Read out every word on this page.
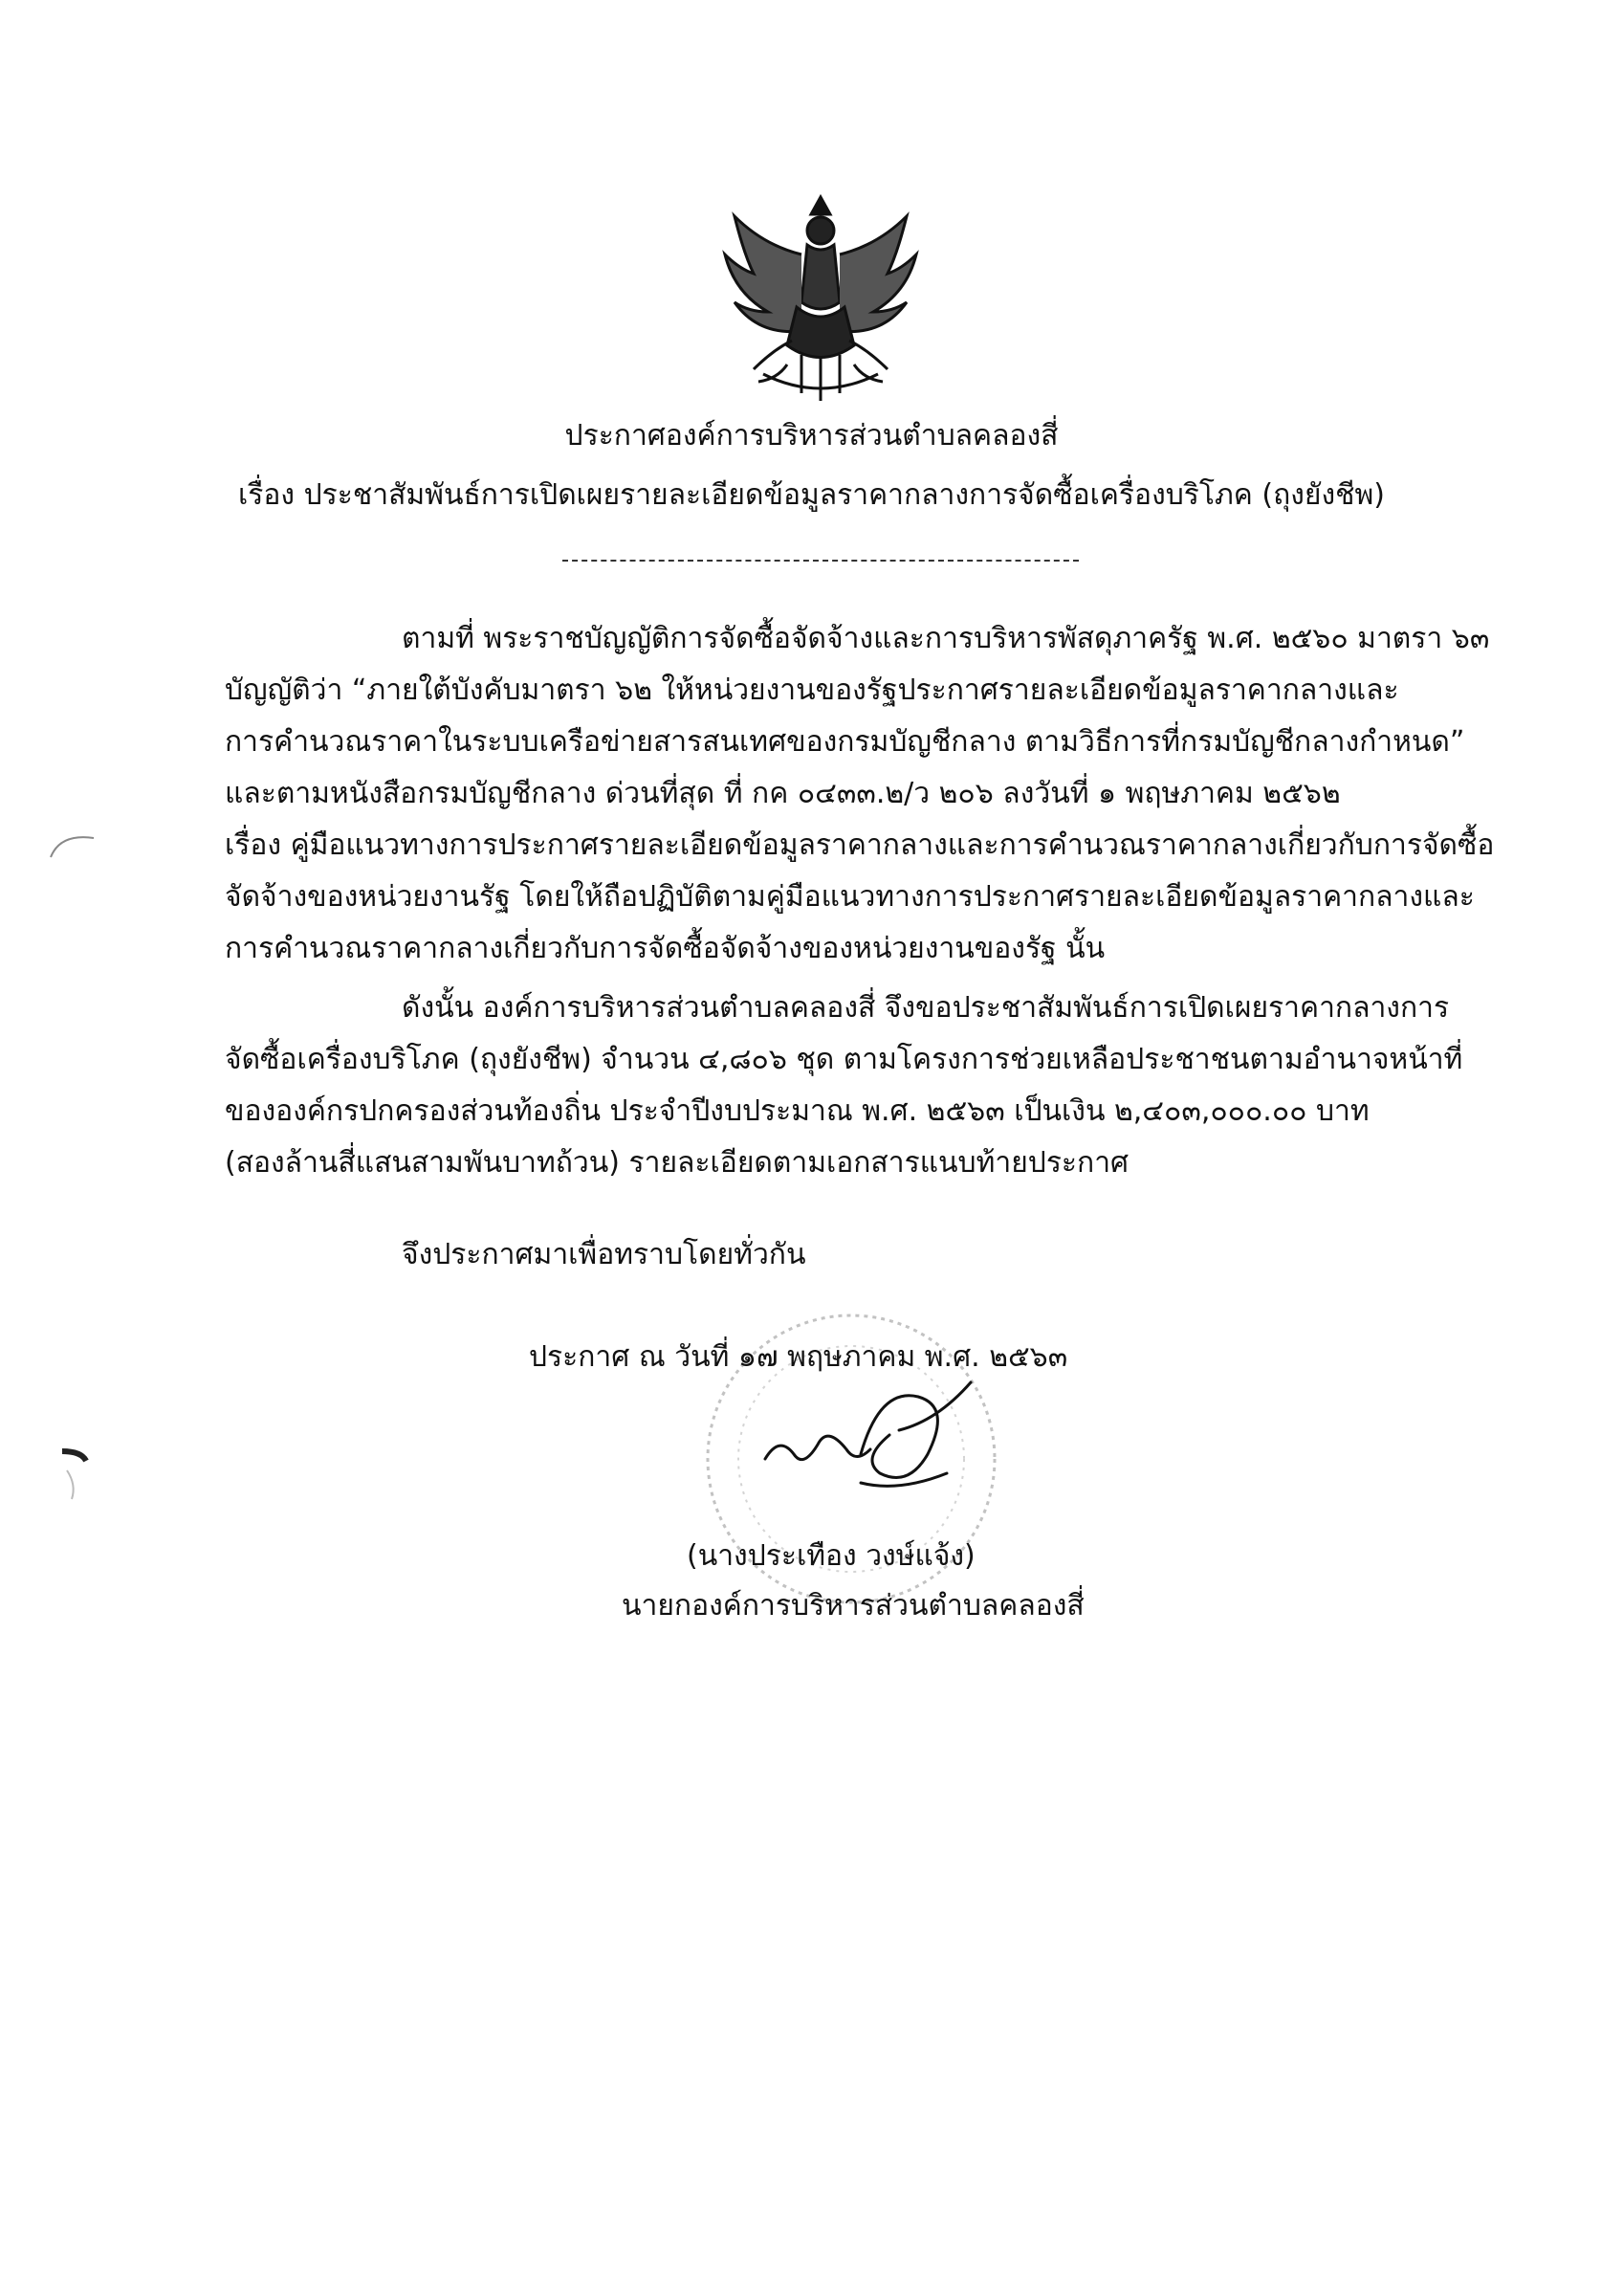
ประกาศองค์การบริหารส่วนตำบลคลองสี่
เรื่อง ประชาสัมพันธ์การเปิดเผยรายละเอียดข้อมูลราคากลางการจัดซื้อเครื่องบริโภค (ถุงยังชีพ)
ตามที่ พระราชบัญญัติการจัดซื้อจัดจ้างและการบริหารพัสดุภาครัฐ พ.ศ. ๒๕๖๐ มาตรา ๖๓
บัญญัติว่า “ภายใต้บังคับมาตรา ๖๒ ให้หน่วยงานของรัฐประกาศรายละเอียดข้อมูลราคากลางและ
การคำนวณราคาในระบบเครือข่ายสารสนเทศของกรมบัญชีกลาง ตามวิธีการที่กรมบัญชีกลางกำหนด”
และตามหนังสือกรมบัญชีกลาง ด่วนที่สุด ที่ กค ๐๔๓๓.๒/ว ๒๐๖ ลงวันที่ ๑ พฤษภาคม ๒๕๖๒
เรื่อง คู่มือแนวทางการประกาศรายละเอียดข้อมูลราคากลางและการคำนวณราคากลางเกี่ยวกับการจัดซื้อ
จัดจ้างของหน่วยงานรัฐ โดยให้ถือปฏิบัติตามคู่มือแนวทางการประกาศรายละเอียดข้อมูลราคากลางและ
การคำนวณราคากลางเกี่ยวกับการจัดซื้อจัดจ้างของหน่วยงานของรัฐ นั้น
ดังนั้น องค์การบริหารส่วนตำบลคลองสี่ จึงขอประชาสัมพันธ์การเปิดเผยราคากลางการ
จัดซื้อเครื่องบริโภค (ถุงยังชีพ) จำนวน ๔,๘๐๖ ชุด ตามโครงการช่วยเหลือประชาชนตามอำนาจหน้าที่
ขององค์กรปกครองส่วนท้องถิ่น ประจำปีงบประมาณ พ.ศ. ๒๕๖๓ เป็นเงิน ๒,๔๐๓,๐๐๐.๐๐ บาท
(สองล้านสี่แสนสามพันบาทถ้วน) รายละเอียดตามเอกสารแนบท้ายประกาศ
จึงประกาศมาเพื่อทราบโดยทั่วกัน
ประกาศ ณ วันที่ ๑๗ พฤษภาคม พ.ศ. ๒๕๖๓
(นางประเทือง วงษ์แจ้ง)
นายกองค์การบริหารส่วนตำบลคลองสี่
